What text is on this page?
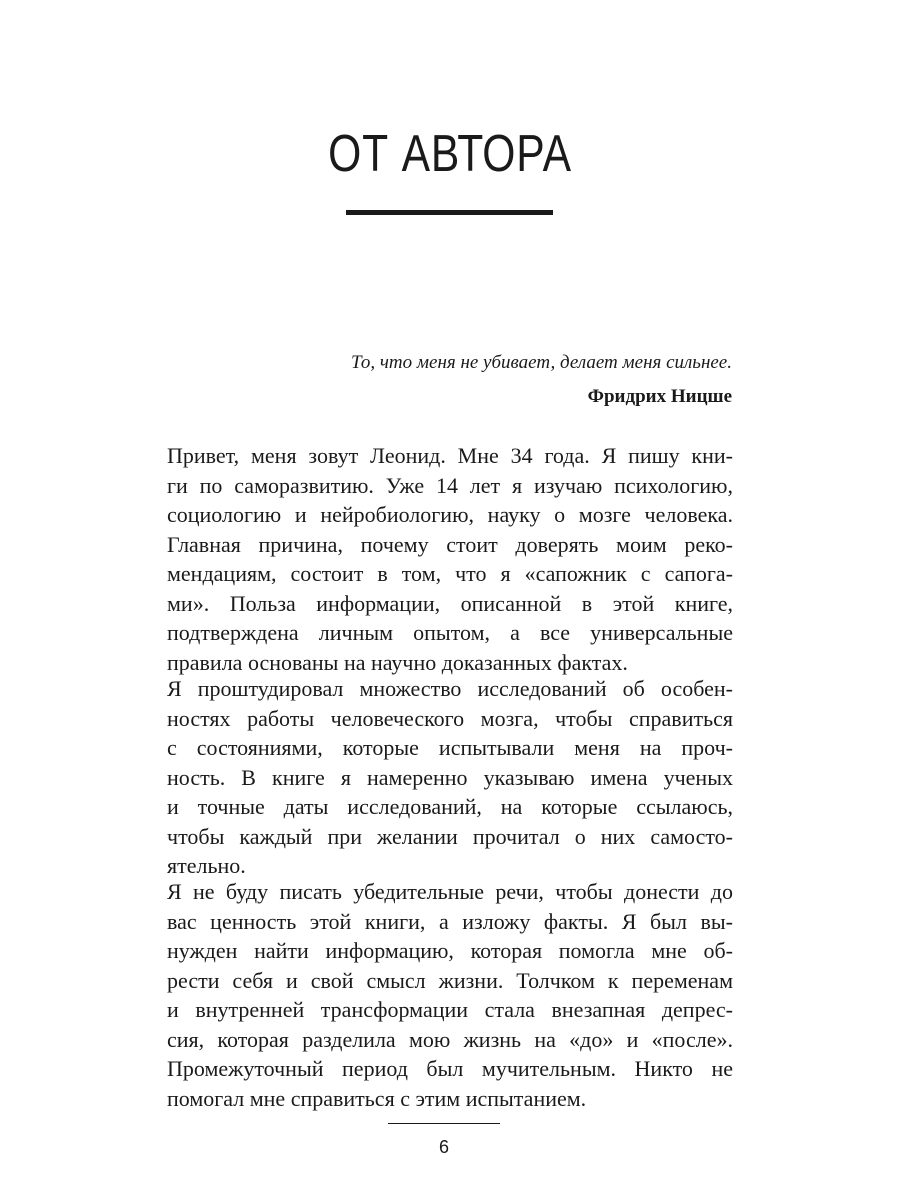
ОТ АВТОРА

То, что меня не убивает, делает меня сильнее.

Фридрих Ницше

Привет, меня зовут Леонид. Мне 34 года. Я пишу кни-
ги по саморазвитию. Уже 14 лет я изучаю психологию,
социологию и нейробиологию, науку о мозге человека.
Главная причина, почему стоит доверять моим реко-
мендациям, состоит в том, что я «сапожник с сапога-
ми». Польза информации, описанной в этой книге,
подтверждена личным опытом, а все универсальные
правила основаны на научно доказанных фактах.
Я проштудировал множество исследований об особен-
ностях работы человеческого мозга, чтобы справиться
с состояниями, которые испытывали меня на проч-
ность. В книге я намеренно указываю имена ученых
и точные даты исследований, на которые ссылаюсь,
чтобы каждый при желании прочитал о них самосто-
ятельно.
Я не буду писать убедительные речи, чтобы донести до
вас ценность этой книги, а изложу факты. Я был вы-
нужден найти информацию, которая помогла мне об-
рести себя и свой смысл жизни. Толчком к переменам
и внутренней трансформации стала внезапная депрес-
сия, которая разделила мою жизнь на «до» и «после».
Промежуточный период был мучительным. Никто не
помогал мне справиться с этим испытанием.
6
